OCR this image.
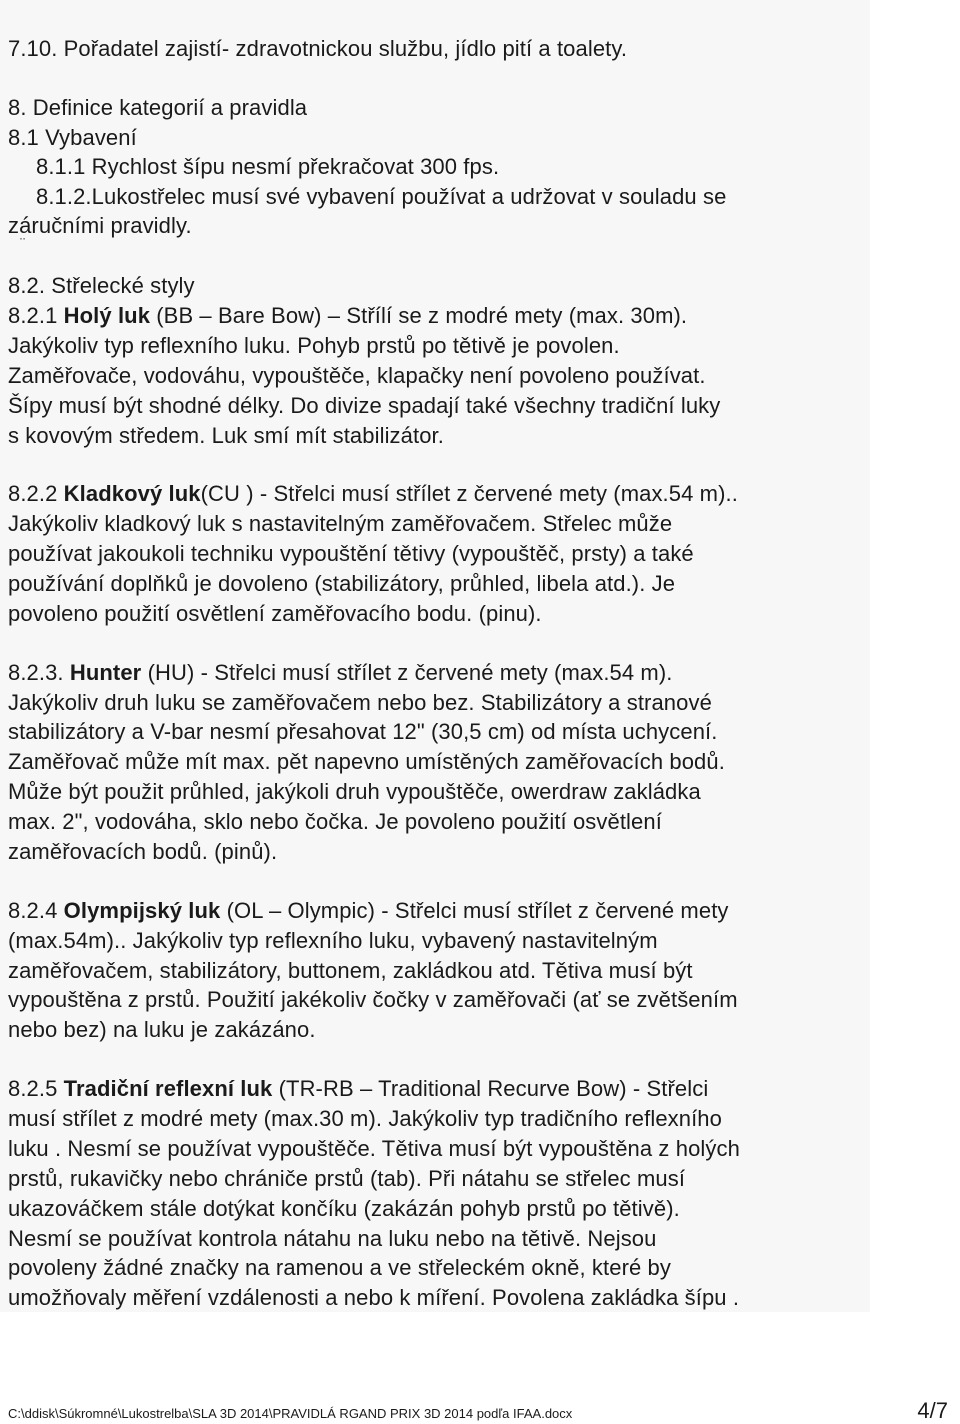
7.10. Pořadatel zajistí- zdravotnickou službu, jídlo pití a toalety.
8. Definice kategorií a pravidla
8.1 Vybavení
8.1.1 Rychlost šípu nesmí překračovat 300 fps.
8.1.2.Lukostřelec musí své vybavení používat a udržovat v souladu se
záručními pravidly.
¨
8.2. Střelecké styly
8.2.1 Holý luk (BB – Bare Bow) – Střílí se z modré mety (max. 30m).
Jakýkoliv typ reflexního luku. Pohyb prstů po tětivě je povolen.
Zaměřovače, vodováhu, vypouštěče, klapačky není povoleno používat.
Šípy musí být shodné délky. Do divize spadají také všechny tradiční luky
s kovovým středem. Luk smí mít stabilizátor.
8.2.2 Kladkový luk(CU ) - Střelci musí střílet z červené mety (max.54 m)..
Jakýkoliv kladkový luk s nastavitelným zaměřovačem. Střelec může
používat jakoukoli techniku vypouštění tětivy (vypouštěč, prsty) a také
používání doplňků je dovoleno (stabilizátory, průhled, libela atd.). Je
povoleno použití osvětlení zaměřovacího bodu. (pinu).
8.2.3. Hunter (HU) - Střelci musí střílet z červené mety (max.54 m).
Jakýkoliv druh luku se zaměřovačem nebo bez. Stabilizátory a stranové
stabilizátory a V-bar nesmí přesahovat 12" (30,5 cm) od místa uchycení.
Zaměřovač může mít max. pět napevno umístěných zaměřovacích bodů.
Může být použit průhled, jakýkoli druh vypouštěče, owerdraw zakládka
max. 2", vodováha, sklo nebo čočka. Je povoleno použití osvětlení
zaměřovacích bodů. (pinů).
8.2.4 Olympijský luk (OL – Olympic) - Střelci musí střílet z červené mety
(max.54m).. Jakýkoliv typ reflexního luku, vybavený nastavitelným
zaměřovačem, stabilizátory, buttonem, zakládkou atd. Tětiva musí být
vypouštěna z prstů. Použití jakékoliv čočky v zaměřovači (ať se zvětšením
nebo bez) na luku je zakázáno.
8.2.5 Tradiční reflexní luk (TR-RB – Traditional Recurve Bow) - Střelci
musí střílet z modré mety (max.30 m). Jakýkoliv typ tradičního reflexního
luku . Nesmí se používat vypouštěče. Tětiva musí být vypouštěna z holých
prstů, rukavičky nebo chrániče prstů (tab). Při nátahu se střelec musí
ukazováčkem stále dotýkat končíku (zakázán pohyb prstů po tětivě).
Nesmí se používat kontrola nátahu na luku nebo na tětivě. Nejsou
povoleny žádné značky na ramenou a ve střeleckém okně, které by
umožňovaly měření vzdálenosti a nebo k míření. Povolena zakládka šípu .
C:\ddisk\Súkromné\Lukostrelba\SLA 3D 2014\PRAVIDLÁ RGAND PRIX 3D 2014 podľa IFAA.docx	4/7
